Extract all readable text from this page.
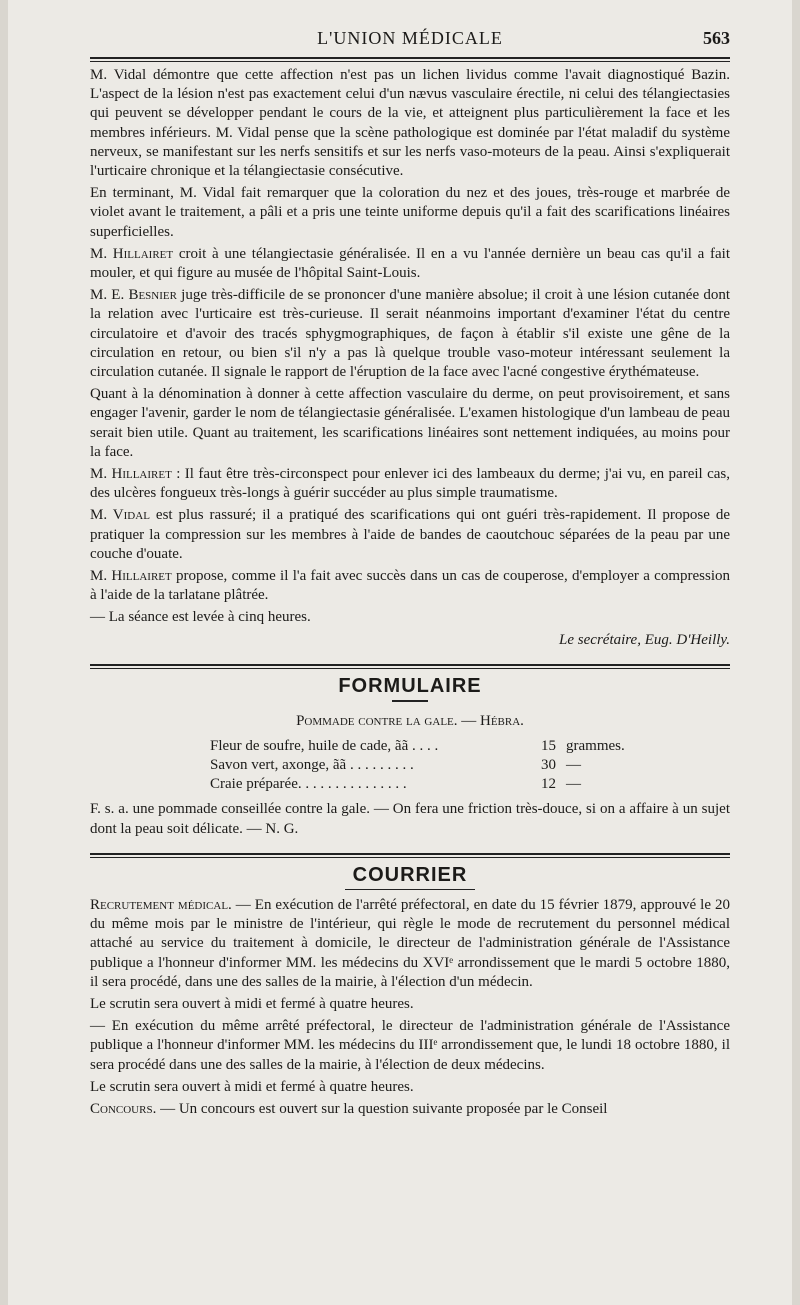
L'UNION MÉDICALE	563

M. Vidal démontre que cette affection n'est pas un lichen lividus comme l'avait diagnostiqué Bazin. L'aspect de la lésion n'est pas exactement celui d'un nævus vasculaire érectile, ni celui des télangiectasies qui peuvent se développer pendant le cours de la vie, et atteignent plus particulièrement la face et les membres inférieurs. M. Vidal pense que la scène pathologique est dominée par l'état maladif du système nerveux, se manifestant sur les nerfs sensitifs et sur les nerfs vaso-moteurs de la peau. Ainsi s'expliquerait l'urticaire chronique et la télangiectasie consécutive.

En terminant, M. Vidal fait remarquer que la coloration du nez et des joues, très-rouge et marbrée de violet avant le traitement, a pâli et a pris une teinte uniforme depuis qu'il a fait des scarifications linéaires superficielles.

M. Hillairet croit à une télangiectasie généralisée. Il en a vu l'année dernière un beau cas qu'il a fait mouler, et qui figure au musée de l'hôpital Saint-Louis.

M. E. Besnier juge très-difficile de se prononcer d'une manière absolue; il croit à une lésion cutanée dont la relation avec l'urticaire est très-curieuse. Il serait néanmoins important d'examiner l'état du centre circulatoire et d'avoir des tracés sphygmographiques, de façon à établir s'il existe une gêne de la circulation en retour, ou bien s'il n'y a pas là quelque trouble vaso-moteur intéressant seulement la circulation cutanée. Il signale le rapport de l'éruption de la face avec l'acné congestive érythémateuse.

Quant à la dénomination à donner à cette affection vasculaire du derme, on peut provisoirement, et sans engager l'avenir, garder le nom de télangiectasie généralisée. L'examen histologique d'un lambeau de peau serait bien utile. Quant au traitement, les scarifications linéaires sont nettement indiquées, au moins pour la face.

M. Hillairet : Il faut être très-circonspect pour enlever ici des lambeaux du derme; j'ai vu, en pareil cas, des ulcères fongueux très-longs à guérir succéder au plus simple traumatisme.

M. Vidal est plus rassuré; il a pratiqué des scarifications qui ont guéri très-rapidement. Il propose de pratiquer la compression sur les membres à l'aide de bandes de caoutchouc séparées de la peau par une couche d'ouate.

M. Hillairet propose, comme il l'a fait avec succès dans un cas de couperose, d'employer a compression à l'aide de la tarlatane plâtrée.

— La séance est levée à cinq heures.

Le secrétaire, Eug. D'Heilly.
FORMULAIRE
Pommade contre la gale. — Hébra.
Fleur de soufre, huile de cade, ãã . . . .	15 grammes.
Savon vert, axonge, ãã . . . . . . . . .	30 —
Craie préparée. . . . . . . . . . . . . . .	12 —

F. s. a. une pommade conseillée contre la gale. — On fera une friction très-douce, si on a affaire à un sujet dont la peau soit délicate. — N. G.

COURRIER

Recrutement médical. — En exécution de l'arrêté préfectoral, en date du 15 février 1879, approuvé le 20 du même mois par le ministre de l'intérieur, qui règle le mode de recrutement du personnel médical attaché au service du traitement à domicile, le directeur de l'administration générale de l'Assistance publique a l'honneur d'informer MM. les médecins du XVIᵉ arrondissement que le mardi 5 octobre 1880, il sera procédé, dans une des salles de la mairie, à l'élection d'un médecin.

Le scrutin sera ouvert à midi et fermé à quatre heures.

— En exécution du même arrêté préfectoral, le directeur de l'administration générale de l'Assistance publique a l'honneur d'informer MM. les médecins du IIIᵉ arrondissement que, le lundi 18 octobre 1880, il sera procédé dans une des salles de la mairie, à l'élection de deux médecins.

Le scrutin sera ouvert à midi et fermé à quatre heures.

Concours. — Un concours est ouvert sur la question suivante proposée par le Conseil
